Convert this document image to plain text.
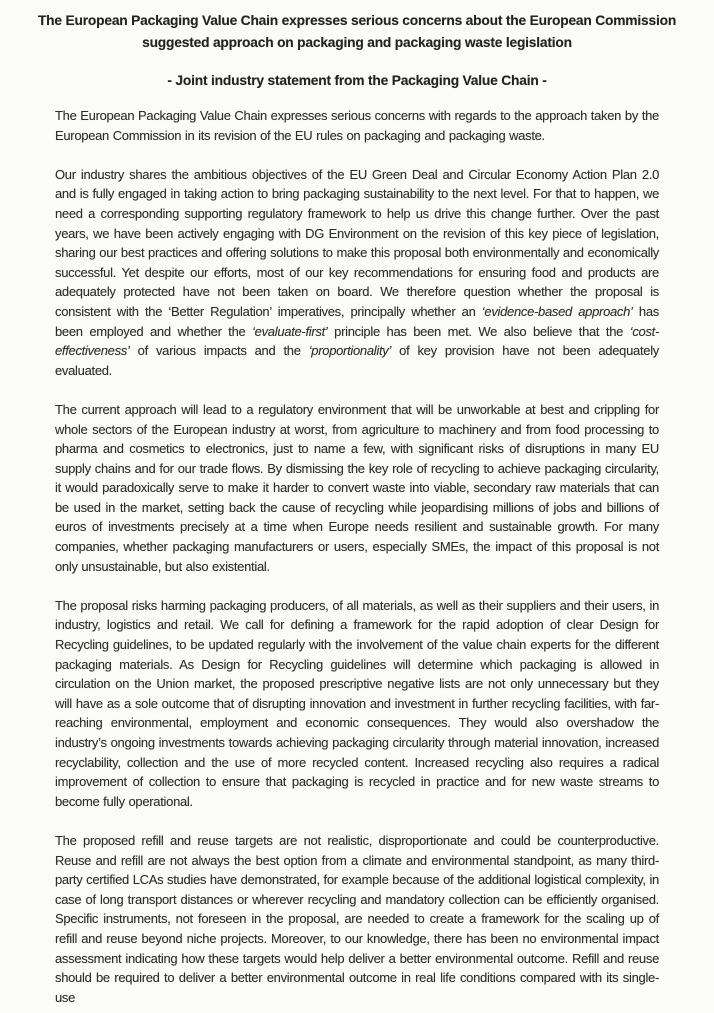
The European Packaging Value Chain expresses serious concerns about the European Commission
suggested approach on packaging and packaging waste legislation
- Joint industry statement from the Packaging Value Chain -

The European Packaging Value Chain expresses serious concerns with regards to the approach taken by the European Commission in its revision of the EU rules on packaging and packaging waste.

Our industry shares the ambitious objectives of the EU Green Deal and Circular Economy Action Plan 2.0 and is fully engaged in taking action to bring packaging sustainability to the next level. For that to happen, we need a corresponding supporting regulatory framework to help us drive this change further. Over the past years, we have been actively engaging with DG Environment on the revision of this key piece of legislation, sharing our best practices and offering solutions to make this proposal both environmentally and economically successful. Yet despite our efforts, most of our key recommendations for ensuring food and products are adequately protected have not been taken on board. We therefore question whether the proposal is consistent with the ‘Better Regulation’ imperatives, principally whether an ‘evidence-based approach’ has been employed and whether the ‘evaluate-first’ principle has been met. We also believe that the ‘cost-effectiveness’ of various impacts and the ‘proportionality’ of key provision have not been adequately evaluated.

The current approach will lead to a regulatory environment that will be unworkable at best and crippling for whole sectors of the European industry at worst, from agriculture to machinery and from food processing to pharma and cosmetics to electronics, just to name a few, with significant risks of disruptions in many EU supply chains and for our trade flows. By dismissing the key role of recycling to achieve packaging circularity, it would paradoxically serve to make it harder to convert waste into viable, secondary raw materials that can be used in the market, setting back the cause of recycling while jeopardising millions of jobs and billions of euros of investments precisely at a time when Europe needs resilient and sustainable growth. For many companies, whether packaging manufacturers or users, especially SMEs, the impact of this proposal is not only unsustainable, but also existential.

The proposal risks harming packaging producers, of all materials, as well as their suppliers and their users, in industry, logistics and retail. We call for defining a framework for the rapid adoption of clear Design for Recycling guidelines, to be updated regularly with the involvement of the value chain experts for the different packaging materials. As Design for Recycling guidelines will determine which packaging is allowed in circulation on the Union market, the proposed prescriptive negative lists are not only unnecessary but they will have as a sole outcome that of disrupting innovation and investment in further recycling facilities, with far-reaching environmental, employment and economic consequences. They would also overshadow the industry’s ongoing investments towards achieving packaging circularity through material innovation, increased recyclability, collection and the use of more recycled content. Increased recycling also requires a radical improvement of collection to ensure that packaging is recycled in practice and for new waste streams to become fully operational.

The proposed refill and reuse targets are not realistic, disproportionate and could be counterproductive. Reuse and refill are not always the best option from a climate and environmental standpoint, as many third-party certified LCAs studies have demonstrated, for example because of the additional logistical complexity, in case of long transport distances or wherever recycling and mandatory collection can be efficiently organised. Specific instruments, not foreseen in the proposal, are needed to create a framework for the scaling up of refill and reuse beyond niche projects. Moreover, to our knowledge, there has been no environmental impact assessment indicating how these targets would help deliver a better environmental outcome. Refill and reuse should be required to deliver a better environmental outcome in real life conditions compared with its single-use
